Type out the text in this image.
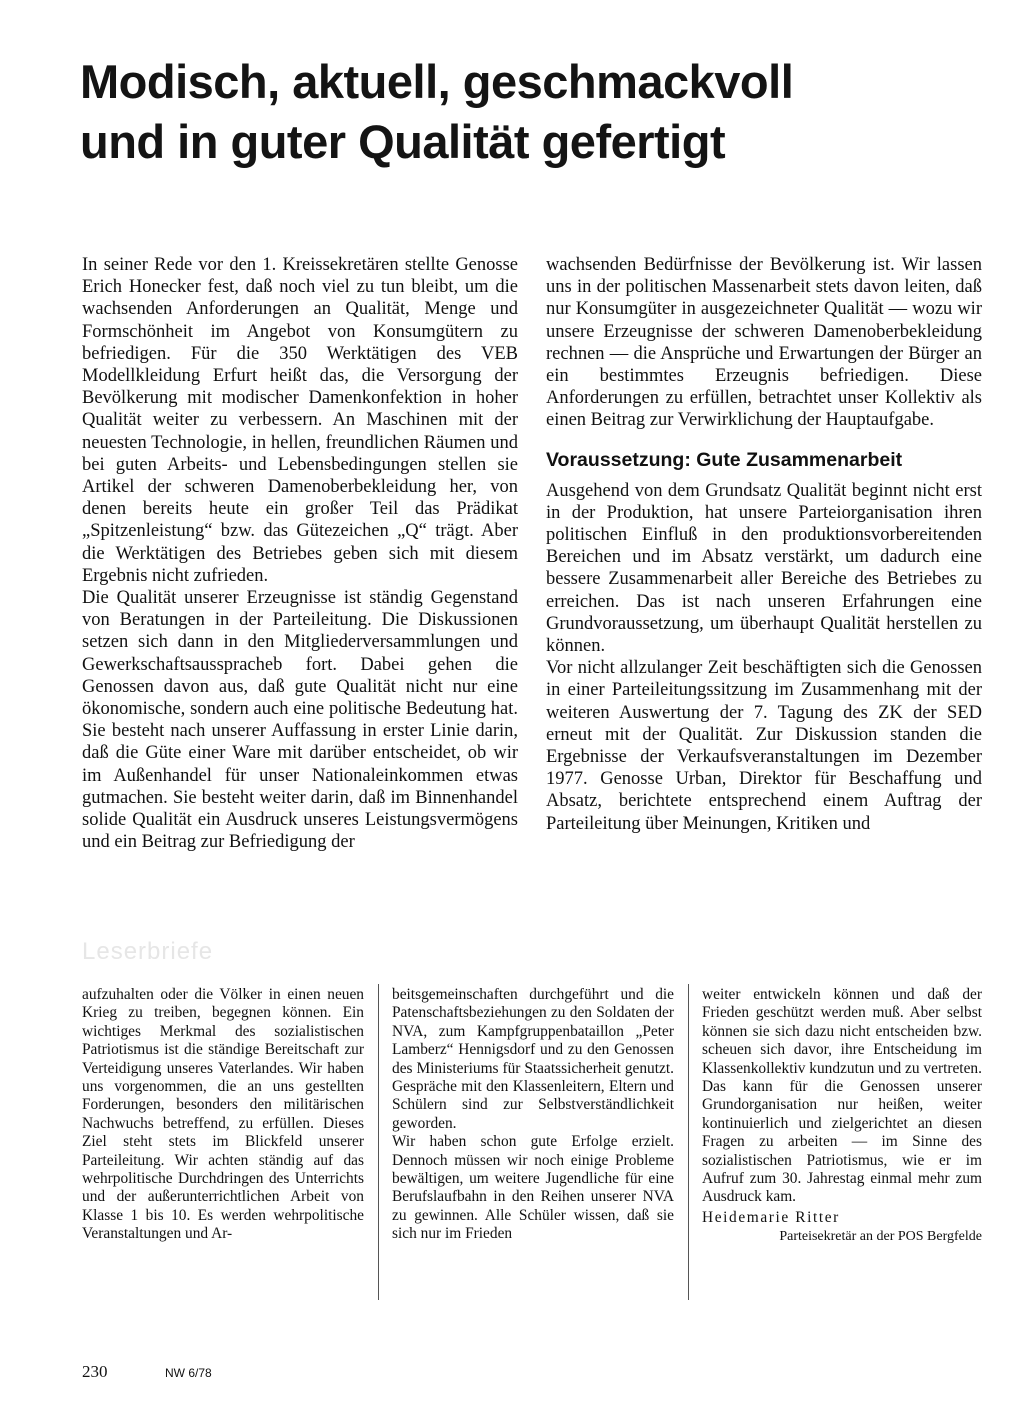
Modisch, aktuell, geschmackvoll
und in guter Qualität gefertigt

In seiner Rede vor den 1. Kreissekretären stellte Genosse Erich Honecker fest, daß noch viel zu tun bleibt, um die wachsenden Anforderungen an Qualität, Menge und Formschönheit im Angebot von Konsumgütern zu befriedigen. Für die 350 Werktätigen des VEB Modellkleidung Erfurt heißt das, die Versorgung der Bevölkerung mit modischer Damenkonfektion in hoher Qualität weiter zu verbessern. An Maschinen mit der neuesten Technologie, in hellen, freundlichen Räumen und bei guten Arbeits- und Lebensbedingungen stellen sie Artikel der schweren Damenoberbekleidung her, von denen bereits heute ein großer Teil das Prädikat „Spitzenleistung“ bzw. das Gütezeichen „Q“ trägt. Aber die Werktätigen des Betriebes geben sich mit diesem Ergebnis nicht zufrieden.

Die Qualität unserer Erzeugnisse ist ständig Gegenstand von Beratungen in der Parteileitung. Die Diskussionen setzen sich dann in den Mitgliederversammlungen und Gewerkschaftsausspracheb fort. Dabei gehen die Genossen davon aus, daß gute Qualität nicht nur eine ökonomische, sondern auch eine politische Bedeutung hat. Sie besteht nach unserer Auffassung in erster Linie darin, daß die Güte einer Ware mit darüber entscheidet, ob wir im Außenhandel für unser Nationaleinkommen etwas gutmachen. Sie besteht weiter darin, daß im Binnenhandel solide Qualität ein Ausdruck unseres Leistungsvermögens und ein Beitrag zur Befriedigung der

wachsenden Bedürfnisse der Bevölkerung ist. Wir lassen uns in der politischen Massenarbeit stets davon leiten, daß nur Konsumgüter in ausgezeichneter Qualität — wozu wir unsere Erzeugnisse der schweren Damenoberbekleidung rechnen — die Ansprüche und Erwartungen der Bürger an ein bestimmtes Erzeugnis befriedigen. Diese Anforderungen zu erfüllen, betrachtet unser Kollektiv als einen Beitrag zur Verwirklichung der Hauptaufgabe.

Voraussetzung: Gute Zusammenarbeit

Ausgehend von dem Grundsatz Qualität beginnt nicht erst in der Produktion, hat unsere Parteiorganisation ihren politischen Einfluß in den produktionsvorbereitenden Bereichen und im Absatz verstärkt, um dadurch eine bessere Zusammenarbeit aller Bereiche des Betriebes zu erreichen. Das ist nach unseren Erfahrungen eine Grundvoraussetzung, um überhaupt Qualität herstellen zu können.

Vor nicht allzulanger Zeit beschäftigten sich die Genossen in einer Parteileitungssitzung im Zusammenhang mit der weiteren Auswertung der 7. Tagung des ZK der SED erneut mit der Qualität. Zur Diskussion standen die Ergebnisse der Verkaufsveranstaltungen im Dezember 1977. Genosse Urban, Direktor für Beschaffung und Absatz, berichtete entsprechend einem Auftrag der Parteileitung über Meinungen, Kritiken und

Leserbriefe

aufzuhalten oder die Völker in einen neuen Krieg zu treiben, begegnen können. Ein wichtiges Merkmal des sozialistischen Patriotismus ist die ständige Bereitschaft zur Verteidigung unseres Vaterlandes. Wir haben uns vorgenommen, die an uns gestellten Forderungen, besonders den militärischen Nachwuchs betreffend, zu erfüllen. Dieses Ziel steht stets im Blickfeld unserer Parteileitung. Wir achten ständig auf das wehrpolitische Durchdringen des Unterrichts und der außerunterrichtlichen Arbeit von Klasse 1 bis 10. Es werden wehrpolitische Veranstaltungen und Ar-

beitsgemeinschaften durchgeführt und die Patenschaftsbeziehungen zu den Soldaten der NVA, zum Kampfgruppenbataillon „Peter Lamberz“ Hennigsdorf und zu den Genossen des Ministeriums für Staatssicherheit genutzt. Gespräche mit den Klassenleitern, Eltern und Schülern sind zur Selbstverständlichkeit geworden.

Wir haben schon gute Erfolge erzielt. Dennoch müssen wir noch einige Probleme bewältigen, um weitere Jugendliche für eine Berufslaufbahn in den Reihen unserer NVA zu gewinnen. Alle Schüler wissen, daß sie sich nur im Frieden

weiter entwickeln können und daß der Frieden geschützt werden muß. Aber selbst können sie sich dazu nicht entscheiden bzw. scheuen sich davor, ihre Entscheidung im Klassenkollektiv kundzutun und zu vertreten.

Das kann für die Genossen unserer Grundorganisation nur heißen, weiter kontinuierlich und zielgerichtet an diesen Fragen zu arbeiten — im Sinne des sozialistischen Patriotismus, wie er im Aufruf zum 30. Jahrestag einmal mehr zum Ausdruck kam.

Heidemarie Ritter

Parteisekretär an der POS Bergfelde

230	NW 6/78
